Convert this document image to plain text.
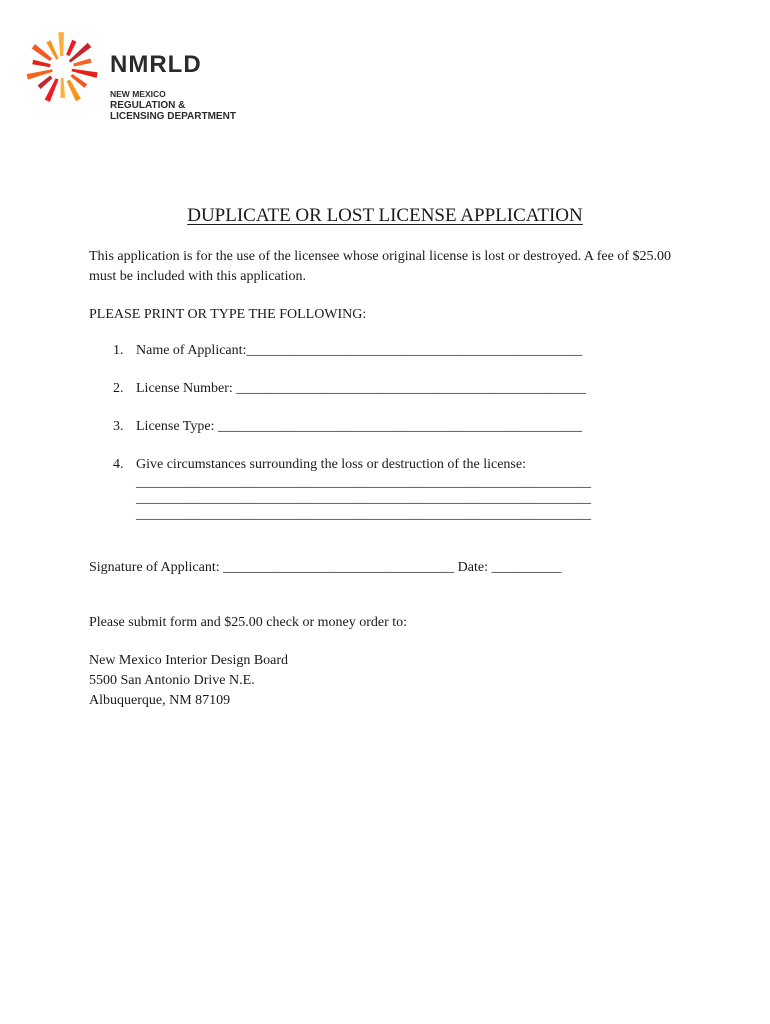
NMRLD
NEW MEXICO
REGULATION &
LICENSING DEPARTMENT
DUPLICATE OR LOST LICENSE APPLICATION

This application is for the use of the licensee whose original license is lost or destroyed. A fee of $25.00 must be included with this application.

PLEASE PRINT OR TYPE THE FOLLOWING:

1. Name of Applicant:________________________________________________
2. License Number: __________________________________________________
3. License Type: ____________________________________________________
4. Give circumstances surrounding the loss or destruction of the license:
_________________________________________________________________
_________________________________________________________________
_________________________________________________________________
Signature of Applicant: _________________________________ Date: __________

Please submit form and $25.00 check or money order to:

New Mexico Interior Design Board
5500 San Antonio Drive N.E.
Albuquerque, NM 87109
